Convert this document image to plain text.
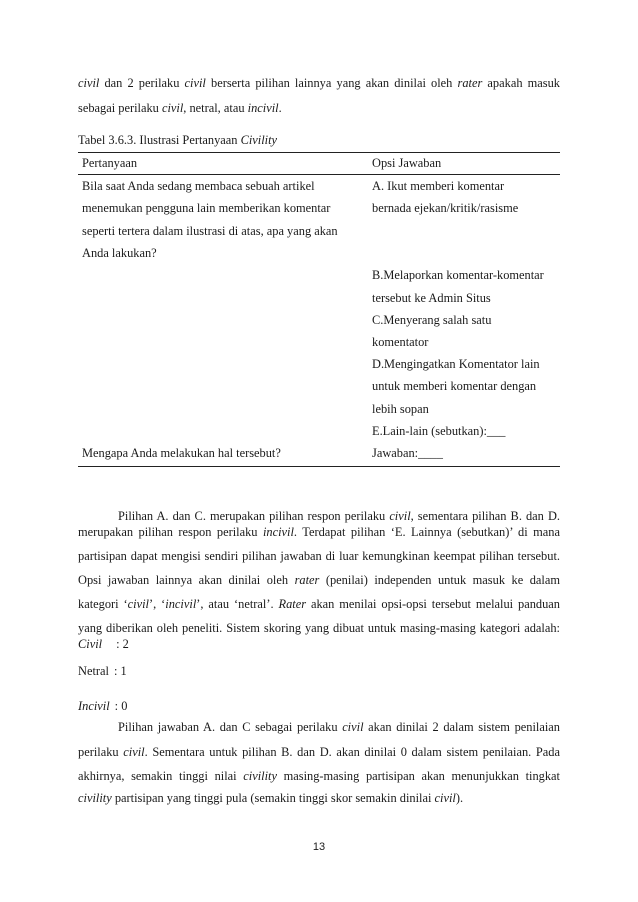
civil dan 2 perilaku civil berserta pilihan lainnya yang akan dinilai oleh rater apakah masuk
sebagai perilaku civil, netral, atau incivil.
Tabel 3.6.3. Ilustrasi Pertanyaan Civility
Pertanyaan	Opsi Jawaban
Bila saat Anda sedang membaca sebuah artikel
menemukan pengguna lain memberikan komentar
seperti tertera dalam ilustrasi di atas, apa yang akan
Anda lakukan?
A. Ikut memberi komentar
bernada ejekan/kritik/rasisme
B.Melaporkan komentar-komentar
tersebut ke Admin Situs
C.Menyerang salah satu
komentator
D.Mengingatkan Komentator lain
untuk memberi komentar dengan
lebih sopan
E.Lain-lain (sebutkan):___
Mengapa Anda melakukan hal tersebut?	Jawaban:____
Pilihan A. dan C. merupakan pilihan respon perilaku civil, sementara pilihan B. dan D.
merupakan pilihan respon perilaku incivil. Terdapat pilihan ‘E. Lainnya (sebutkan)’ di mana
partisipan dapat mengisi sendiri pilihan jawaban di luar kemungkinan keempat pilihan tersebut.
Opsi jawaban lainnya akan dinilai oleh rater (penilai) independen untuk masuk ke dalam
kategori ‘civil’, ‘incivil’, atau ‘netral’. Rater akan menilai opsi-opsi tersebut melalui panduan
yang diberikan oleh peneliti. Sistem skoring yang dibuat untuk masing-masing kategori adalah:
Civil : 2
Netral : 1
Incivil : 0
Pilihan jawaban A. dan C sebagai perilaku civil akan dinilai 2 dalam sistem penilaian
perilaku civil. Sementara untuk pilihan B. dan D. akan dinilai 0 dalam sistem penilaian. Pada
akhirnya, semakin tinggi nilai civility masing-masing partisipan akan menunjukkan tingkat
civility partisipan yang tinggi pula (semakin tinggi skor semakin dinilai civil).
13
